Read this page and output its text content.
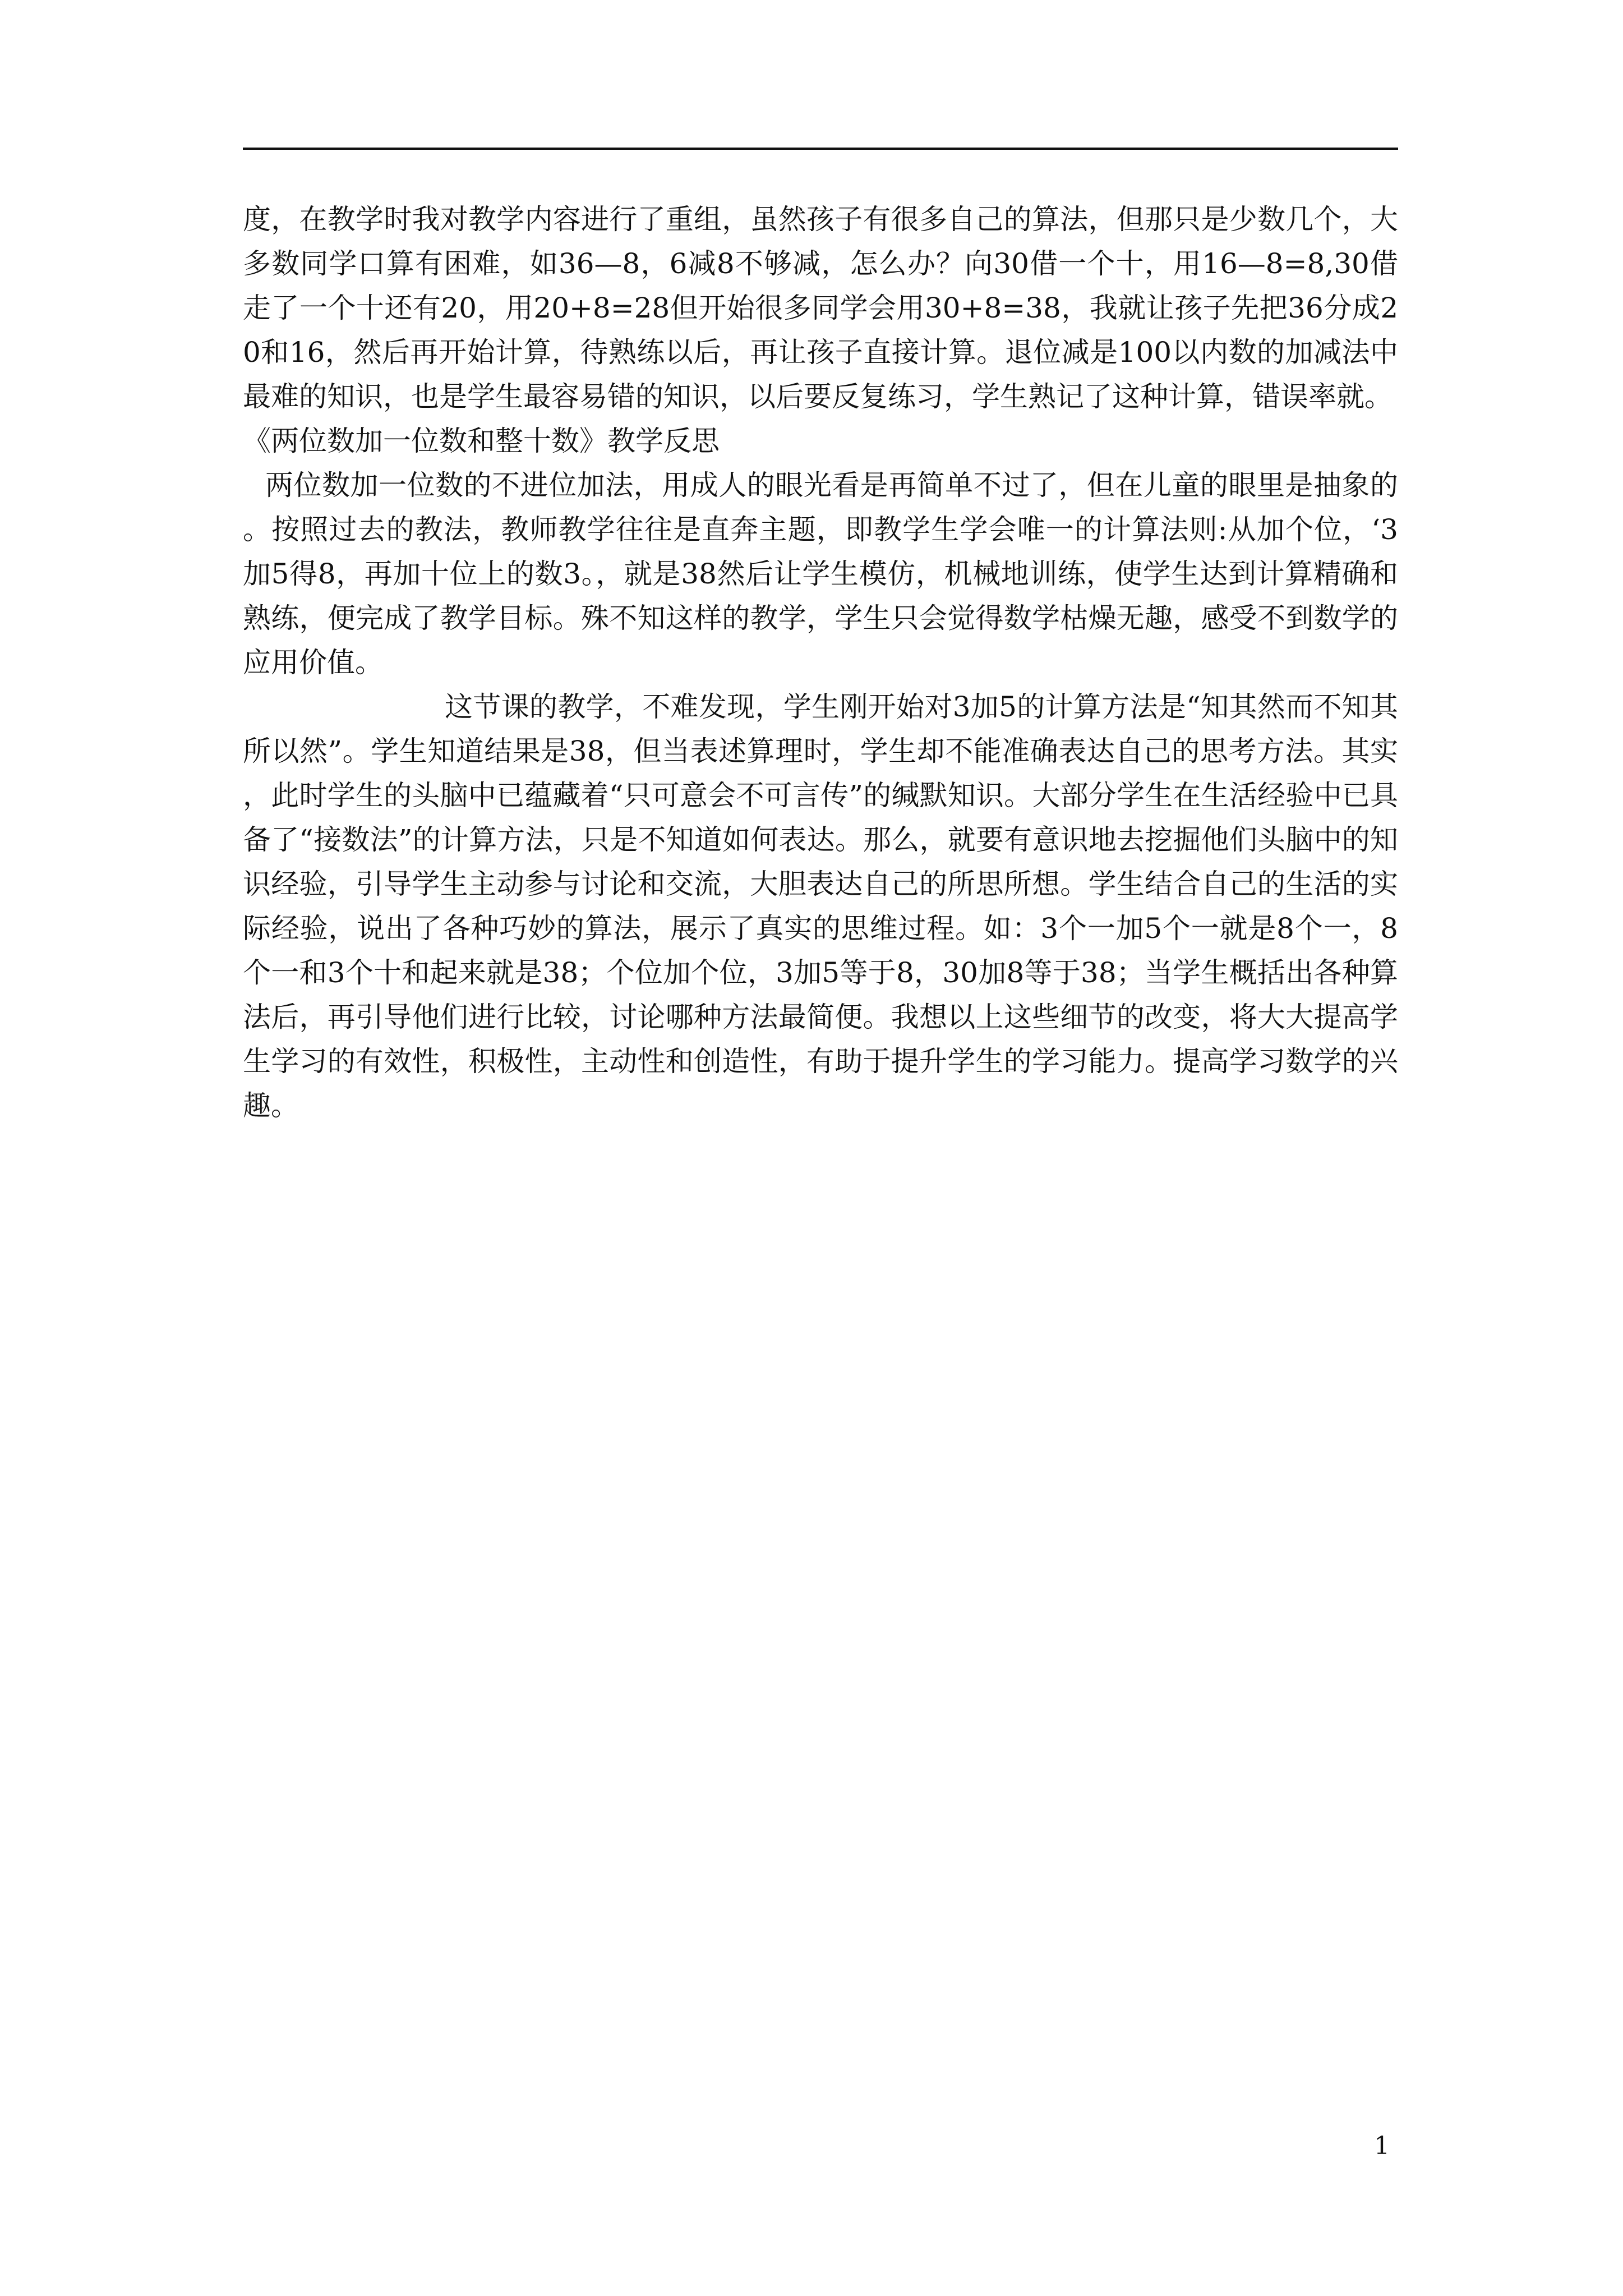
度，在教学时我对教学内容进行了重组，虽然孩子有很多自己的算法，但那只是少数几个，大多数同学口算有困难，如36—8，6减8不够减，怎么办？向30借一个十，用16—8=8,30借走了一个十还有20，用20+8=28但开始很多同学会用30+8=38，我就让孩子先把36分成20和16，然后再开始计算，待熟练以后，再让孩子直接计算。退位减是100以内数的加减法中最难的知识，也是学生最容易错的知识，以后要反复练习，学生熟记了这种计算，错误率就。

《两位数加一位数和整十数》教学反思

两位数加一位数的不进位加法，用成人的眼光看是再简单不过了，但在儿童的眼里是抽象的。按照过去的教法，教师教学往往是直奔主题，即教学生学会唯一的计算法则:从加个位，‘3加5得8，再加十位上的数3。，就是38然后让学生模仿，机械地训练，使学生达到计算精确和熟练，便完成了教学目标。殊不知这样的教学，学生只会觉得数学枯燥无趣，感受不到数学的应用价值。

这节课的教学，不难发现，学生刚开始对3加5的计算方法是“知其然而不知其所以然”。学生知道结果是38，但当表述算理时，学生却不能准确表达自己的思考方法。其实，此时学生的头脑中已蕴藏着“只可意会不可言传”的缄默知识。大部分学生在生活经验中已具备了“接数法”的计算方法，只是不知道如何表达。那么，就要有意识地去挖掘他们头脑中的知识经验，引导学生主动参与讨论和交流，大胆表达自己的所思所想。学生结合自己的生活的实际经验，说出了各种巧妙的算法，展示了真实的思维过程。如：3个一加5个一就是8个一，8个一和3个十和起来就是38；个位加个位，3加5等于8，30加8等于38；当学生概括出各种算法后，再引导他们进行比较，讨论哪种方法最简便。我想以上这些细节的改变，将大大提高学生学习的有效性，积极性，主动性和创造性，有助于提升学生的学习能力。提高学习数学的兴趣。

1
